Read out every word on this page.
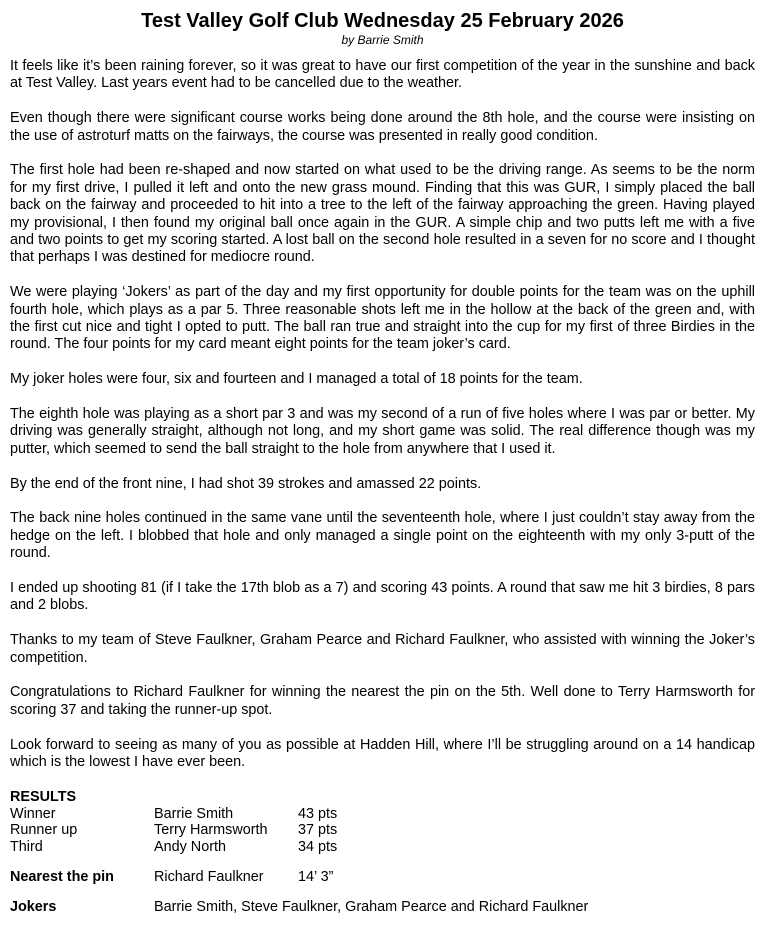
Test Valley Golf Club Wednesday 25 February 2026
by Barrie Smith

It feels like it’s been raining forever, so it was great to have our first competition of the year in the sunshine and back at Test Valley. Last years event had to be cancelled due to the weather.

Even though there were significant course works being done around the 8th hole, and the course were insisting on the use of astroturf matts on the fairways, the course was presented in really good condition.

The first hole had been re-shaped and now started on what used to be the driving range. As seems to be the norm for my first drive, I pulled it left and onto the new grass mound. Finding that this was GUR, I simply placed the ball back on the fairway and proceeded to hit into a tree to the left of the fairway approaching the green. Having played my provisional, I then found my original ball once again in the GUR. A simple chip and two putts left me with a five and two points to get my scoring started. A lost ball on the second hole resulted in a seven for no score and I thought that perhaps I was destined for mediocre round.

We were playing ‘Jokers’ as part of the day and my first opportunity for double points for the team was on the uphill fourth hole, which plays as a par 5. Three reasonable shots left me in the hollow at the back of the green and, with the first cut nice and tight I opted to putt. The ball ran true and straight into the cup for my first of three Birdies in the round. The four points for my card meant eight points for the team joker’s card.

My joker holes were four, six and fourteen and I managed a total of 18 points for the team.

The eighth hole was playing as a short par 3 and was my second of a run of five holes where I was par or better. My driving was generally straight, although not long, and my short game was solid. The real difference though was my putter, which seemed to send the ball straight to the hole from anywhere that I used it.

By the end of the front nine, I had shot 39 strokes and amassed 22 points.

The back nine holes continued in the same vane until the seventeenth hole, where I just couldn’t stay away from the hedge on the left. I blobbed that hole and only managed a single point on the eighteenth with my only 3-putt of the round.

I ended up shooting 81 (if I take the 17th blob as a 7) and scoring 43 points. A round that saw me hit 3 birdies, 8 pars and 2 blobs.

Thanks to my team of Steve Faulkner, Graham Pearce and Richard Faulkner, who assisted with winning the Joker’s competition.

Congratulations to Richard Faulkner for winning the nearest the pin on the 5th. Well done to Terry Harmsworth for scoring 37 and taking the runner-up spot.

Look forward to seeing as many of you as possible at Hadden Hill, where I’ll be struggling around on a 14 handicap which is the lowest I have ever been.

RESULTS
Winner	Barrie Smith	43 pts
Runner up	Terry Harmsworth	37 pts
Third	Andy North	34 pts
Nearest the pin	Richard Faulkner	14’ 3”
Jokers	Barrie Smith, Steve Faulkner, Graham Pearce and Richard Faulkner
